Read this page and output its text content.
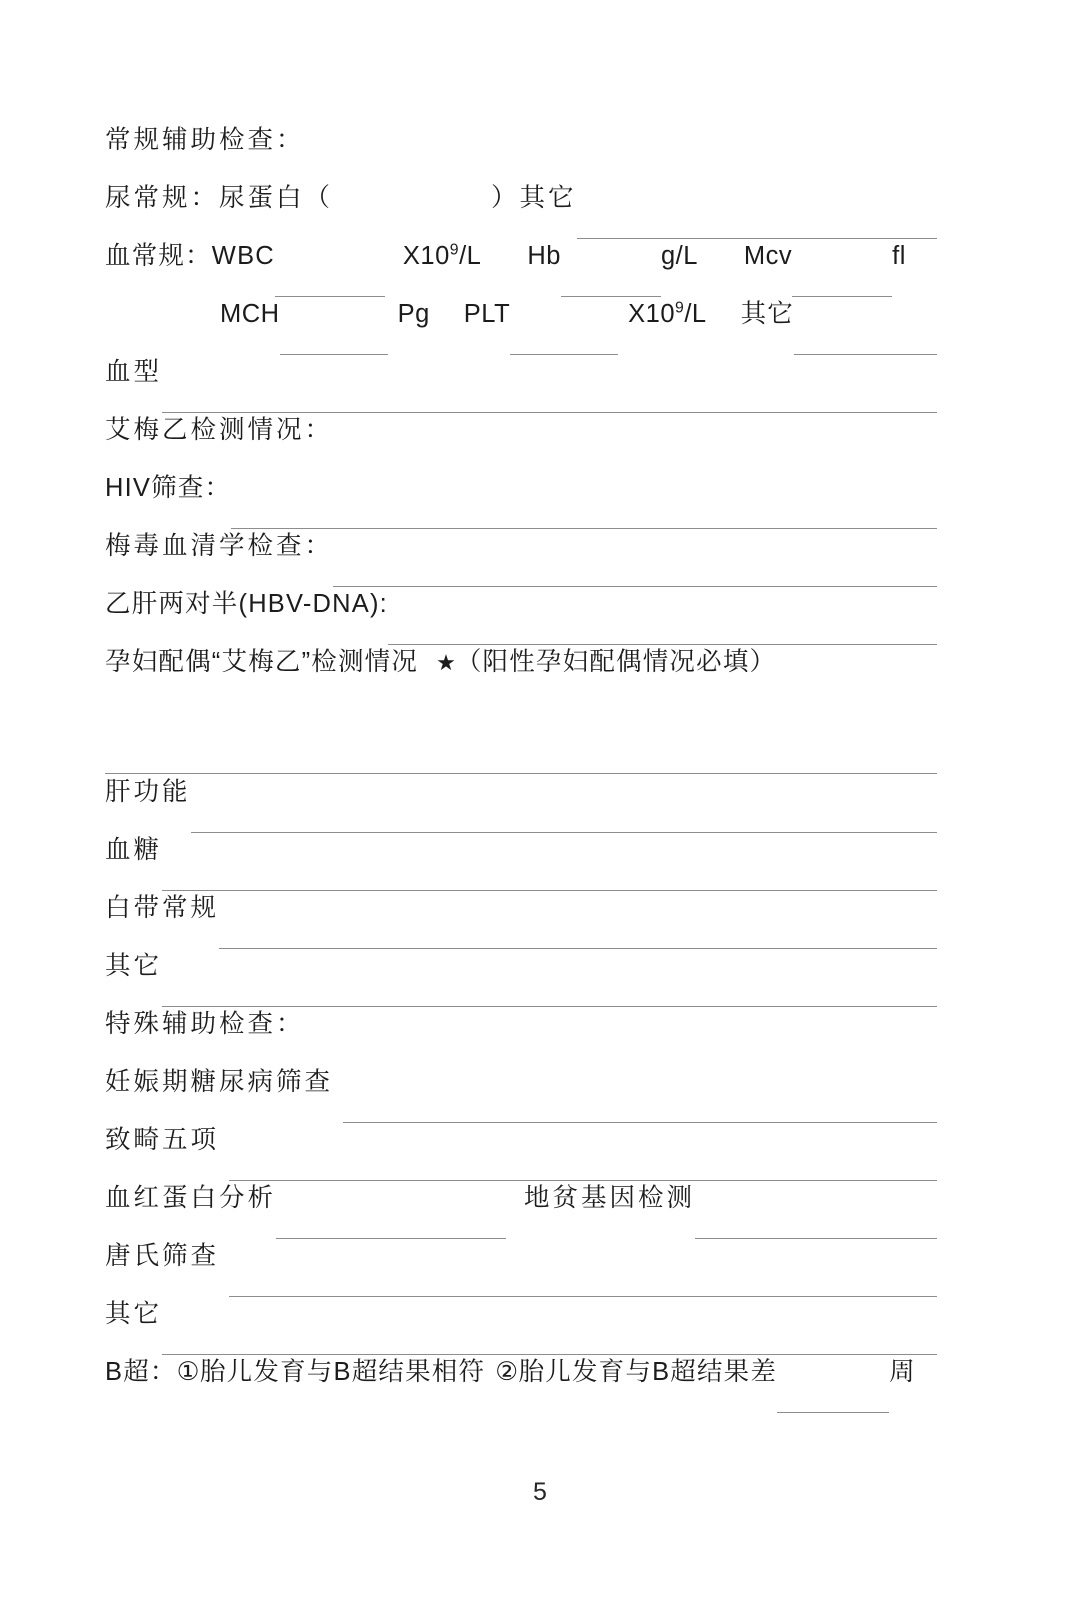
常规辅助检查：
尿常规：尿蛋白（	）其它
血常规：WBC	$X10^9/L$ Hb	g/L Mcv	fl
MCH	Pg PLT	$X10^9/L$ 其它
血型
艾梅乙检测情况：
HIV筛查：
梅毒血清学检查：
乙肝两对半(HBV-DNA):
孕妇配偶“艾梅乙”检测情况 ★ （阳性孕妇配偶情况必填）
肝功能
血糖
白带常规
其它
特殊辅助检查：
妊娠期糖尿病筛查
致畸五项
血红蛋白分析	地贫基因检测
唐氏筛查
其它
B超： ① 胎儿发育与B超结果相符 ② 胎儿发育与B超结果差	周
5
